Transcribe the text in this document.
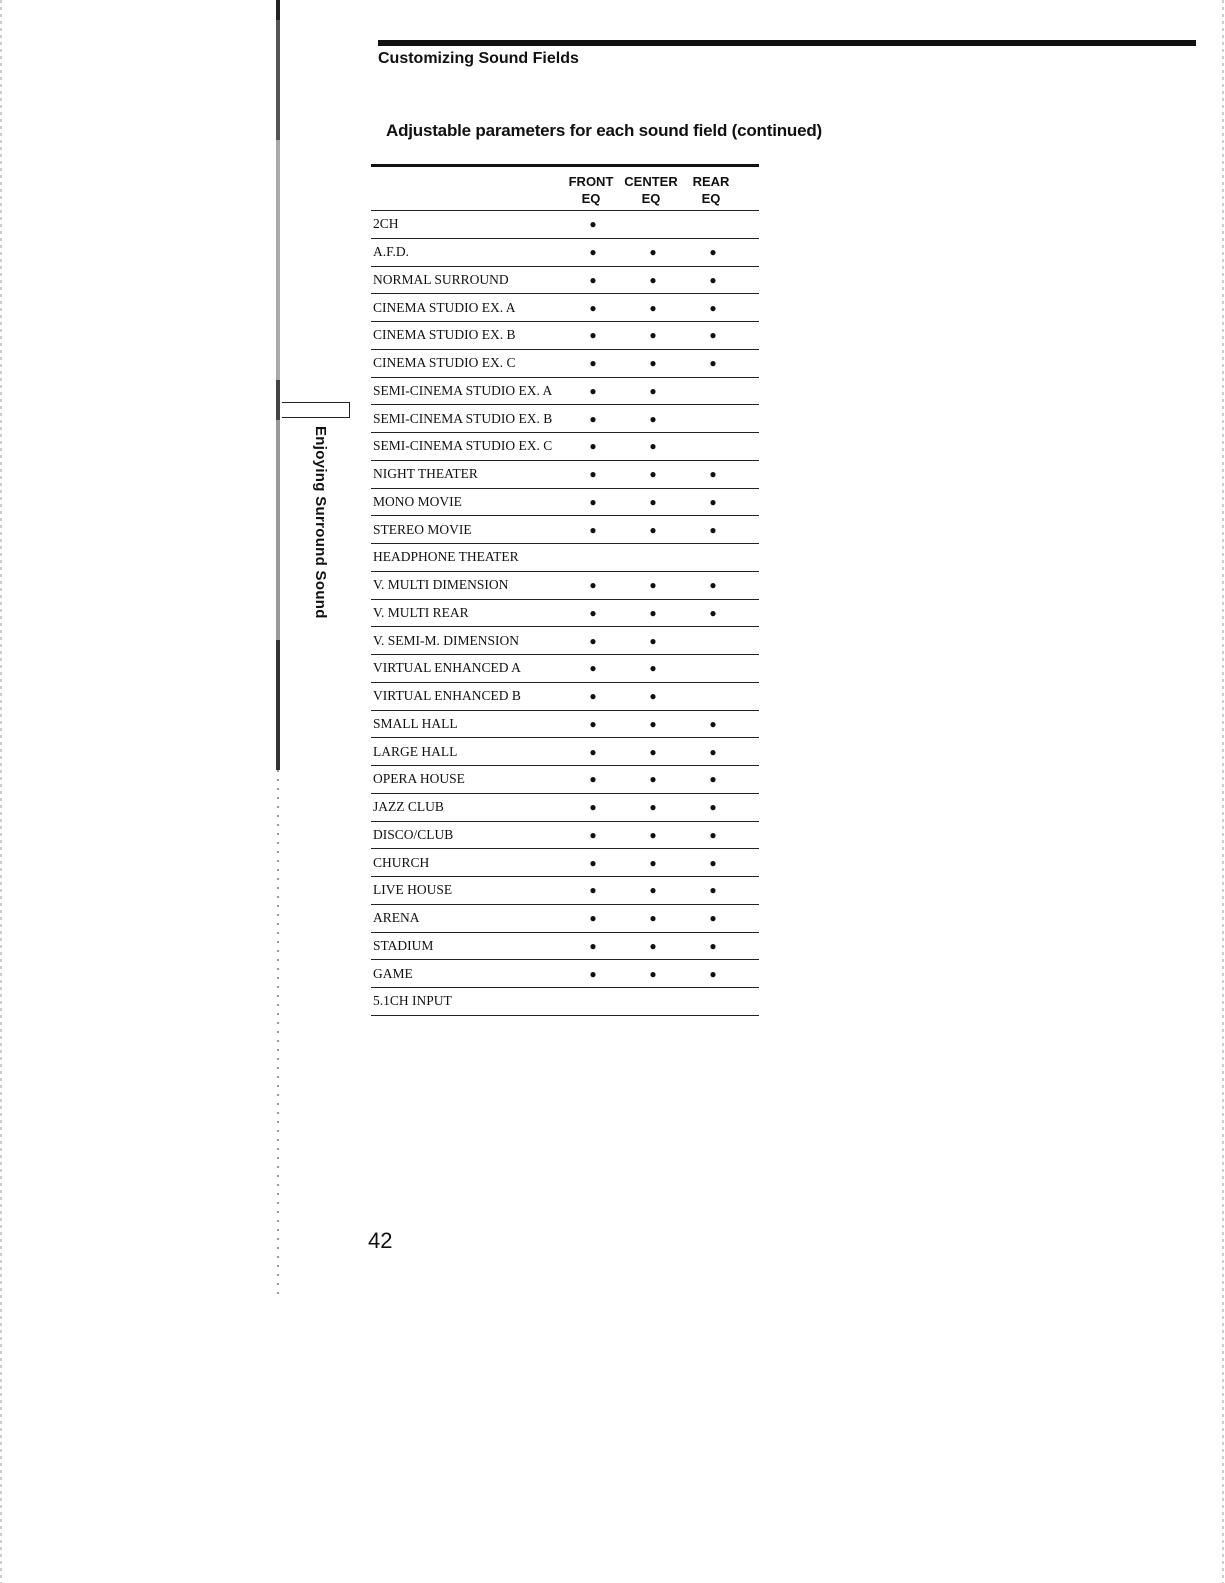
Customizing Sound Fields
Adjustable parameters for each sound field (continued)
Enjoying Surround Sound
FRONT
EQ
CENTER
EQ
REAR
EQ
2CH	●
A.F.D.	●	●	●
NORMAL SURROUND	●	●	●
CINEMA STUDIO EX. A	●	●	●
CINEMA STUDIO EX. B	●	●	●
CINEMA STUDIO EX. C	●	●	●
SEMI-CINEMA STUDIO EX. A	●	●
SEMI-CINEMA STUDIO EX. B	●	●
SEMI-CINEMA STUDIO EX. C	●	●
NIGHT THEATER	●	●	●
MONO MOVIE	●	●	●
STEREO MOVIE	●	●	●
HEADPHONE THEATER
V. MULTI DIMENSION	●	●	●
V. MULTI REAR	●	●	●
V. SEMI-M. DIMENSION	●	●
VIRTUAL ENHANCED A	●	●
VIRTUAL ENHANCED B	●	●
SMALL HALL	●	●	●
LARGE HALL	●	●	●
OPERA HOUSE	●	●	●
JAZZ CLUB	●	●	●
DISCO/CLUB	●	●	●
CHURCH	●	●	●
LIVE HOUSE	●	●	●
ARENA	●	●	●
STADIUM	●	●	●
GAME	●	●	●
5.1CH INPUT
42
